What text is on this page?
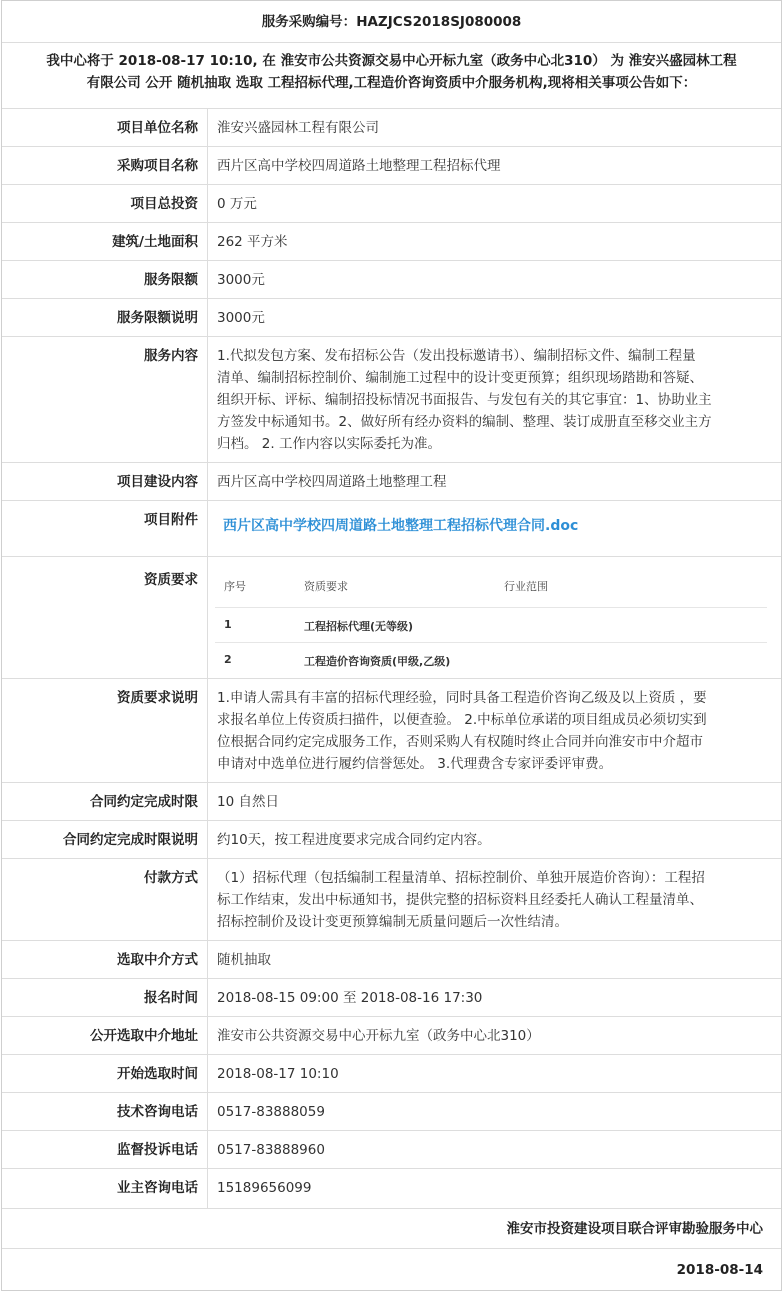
服务采购编号： HAZJCS2018SJ080008
我中心将于 2018-08-17 10:10, 在 淮安市公共资源交易中心开标九室（政务中心北310） 为 淮安兴盛园林工程
有限公司 公开 随机抽取 选取 工程招标代理,工程造价咨询资质中介服务机构,现将相关事项公告如下：
项目单位名称	淮安兴盛园林工程有限公司
采购项目名称	西片区高中学校四周道路土地整理工程招标代理
项目总投资	0 万元
建筑/土地面积	262 平方米
服务限额	3000元
服务限额说明	3000元
服务内容	1.代拟发包方案、发布招标公告（发出投标邀请书）、编制招标文件、编制工程量
清单、编制招标控制价、编制施工过程中的设计变更预算；组织现场踏勘和答疑、
组织开标、评标、编制招投标情况书面报告、与发包有关的其它事宜：1、协助业主
方签发中标通知书。2、做好所有经办资料的编制、整理、装订成册直至移交业主方
归档。 2. 工作内容以实际委托为准。
项目建设内容	西片区高中学校四周道路土地整理工程
项目附件	西片区高中学校四周道路土地整理工程招标代理合同.doc
资质要求	序号	资质要求	行业范围
1	工程招标代理(无等级)
2	工程造价咨询资质(甲级,乙级)
资质要求说明	1.申请人需具有丰富的招标代理经验，同时具备工程造价咨询乙级及以上资质 ，要
求报名单位上传资质扫描件，以便查验。 2.中标单位承诺的项目组成员必须切实到
位根据合同约定完成服务工作，否则采购人有权随时终止合同并向淮安市中介超市
申请对中选单位进行履约信誉惩处。 3.代理费含专家评委评审费。
合同约定完成时限	10 自然日
合同约定完成时限说明	约10天，按工程进度要求完成合同约定内容。
付款方式	（1）招标代理（包括编制工程量清单、招标控制价、单独开展造价咨询）：工程招
标工作结束，发出中标通知书，提供完整的招标资料且经委托人确认工程量清单、
招标控制价及设计变更预算编制无质量问题后一次性结清。
选取中介方式	随机抽取
报名时间	2018-08-15 09:00 至 2018-08-16 17:30
公开选取中介地址	淮安市公共资源交易中心开标九室（政务中心北310）
开始选取时间	2018-08-17 10:10
技术咨询电话	0517-83888059
监督投诉电话	0517-83888960
业主咨询电话	15189656099
淮安市投资建设项目联合评审勘验服务中心
2018-08-14
